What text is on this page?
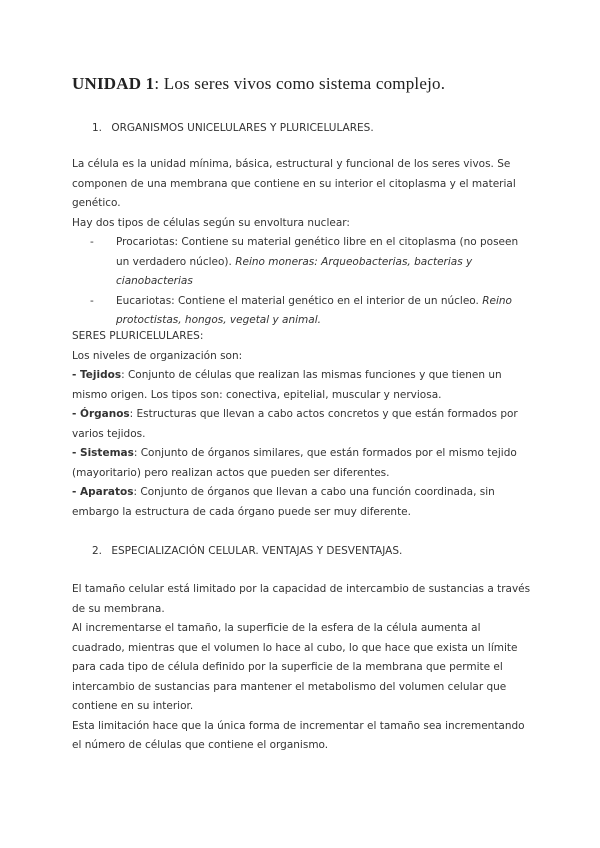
UNIDAD 1: Los seres vivos como sistema complejo.
1. ORGANISMOS UNICELULARES Y PLURICELULARES.

La célula es la unidad mínima, básica, estructural y funcional de los seres vivos. Se componen de una membrana que contiene en su interior el citoplasma y el material genético.

Hay dos tipos de células según su envoltura nuclear:

- Procariotas: Contiene su material genético libre en el citoplasma (no poseen un verdadero núcleo). Reino moneras: Arqueobacterias, bacterias y cianobacterias
- Eucariotas: Contiene el material genético en el interior de un núcleo. Reino protoctistas, hongos, vegetal y animal.

SERES PLURICELULARES:

Los niveles de organización son:

- Tejidos: Conjunto de células que realizan las mismas funciones y que tienen un mismo origen. Los tipos son: conectiva, epitelial, muscular y nerviosa.

- Órganos: Estructuras que llevan a cabo actos concretos y que están formados por varios tejidos.

- Sistemas: Conjunto de órganos similares, que están formados por el mismo tejido (mayoritario) pero realizan actos que pueden ser diferentes.

- Aparatos: Conjunto de órganos que llevan a cabo una función coordinada, sin embargo la estructura de cada órgano puede ser muy diferente.

2. ESPECIALIZACIÓN CELULAR. VENTAJAS Y DESVENTAJAS.

El tamaño celular está limitado por la capacidad de intercambio de sustancias a través de su membrana.

Al incrementarse el tamaño, la superficie de la esfera de la célula aumenta al cuadrado, mientras que el volumen lo hace al cubo, lo que hace que exista un límite para cada tipo de célula definido por la superficie de la membrana que permite el intercambio de sustancias para mantener el metabolismo del volumen celular que contiene en su interior.

Esta limitación hace que la única forma de incrementar el tamaño sea incrementando el número de células que contiene el organismo.
